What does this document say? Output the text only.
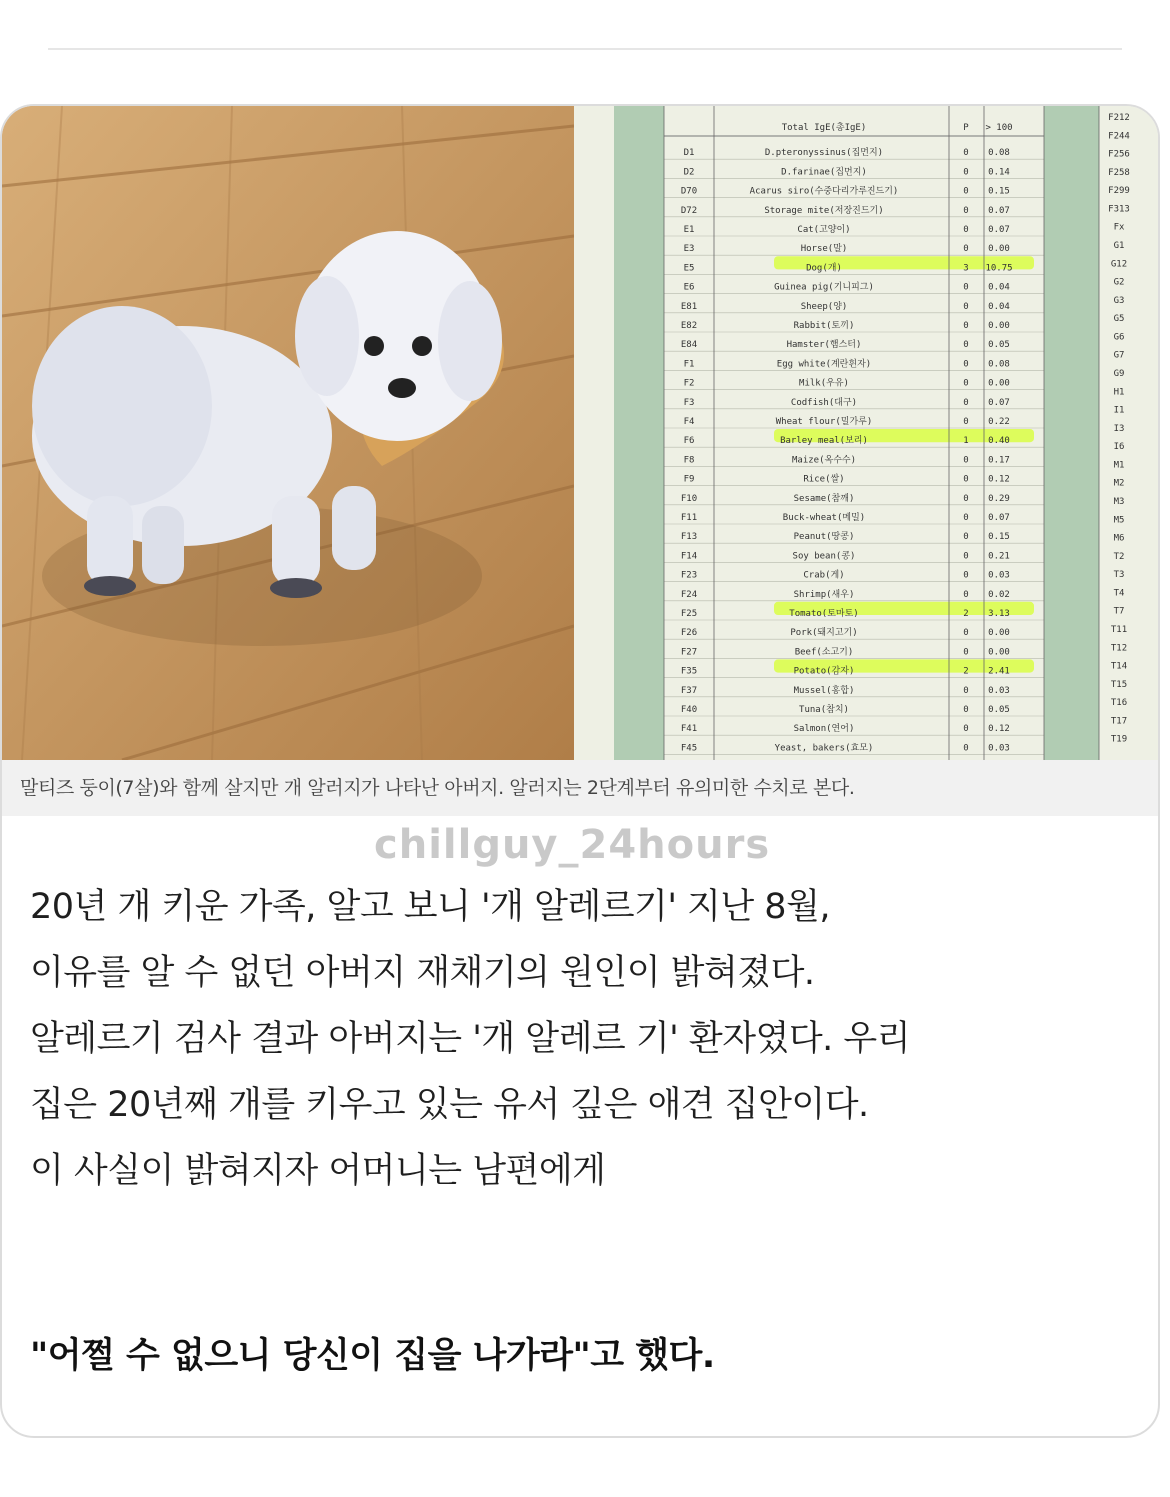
Total IgE(총IgE)	P > 100
D1	D.pteronyssinus(집먼지)	0 0.08
D2	D.farinae(집먼지)	0 0.14
D70	Acarus siro(수중다리가루진드기)	0 0.15
D72	Storage mite(저장진드기)	0 0.07
E1	Cat(고양이)	0 0.07
E3	Horse(말)	0 0.00
E5	Dog(개)	3 10.75
E6	Guinea pig(기니피그)	0 0.04
E81	Sheep(양)	0 0.04
E82	Rabbit(토끼)	0 0.00
E84	Hamster(햄스터)	0 0.05
F1	Egg white(계란흰자)	0 0.08
F2	Milk(우유)	0 0.00
F3	Codfish(대구)	0 0.07
F4	Wheat flour(밀가루)	0 0.22
F6	Barley meal(보리)	1 0.40
F8	Maize(옥수수)	0 0.17
F9	Rice(쌀)	0 0.12
F10	Sesame(참깨)	0 0.29
F11	Buck-wheat(메밀)	0 0.07
F13	Peanut(땅콩)	0 0.15
F14	Soy bean(콩)	0 0.21
F23	Crab(게)	0 0.03
F24	Shrimp(새우)	0 0.02
F25	Tomato(토마토)	2 3.13
F26	Pork(돼지고기)	0 0.00
F27	Beef(소고기)	0 0.00
F35	Potato(감자)	2 2.41
F37	Mussel(홍합)	0 0.03
F40	Tuna(참치)	0 0.05
F41	Salmon(연어)	0 0.12
F45	Yeast, bakers(효모)	0 0.03
F212
F244
F256
F258
F299
F313
Fx
G1
G12
G2
G3
G5
G6
G7
G9
H1
I1
I3
I6
M1
M2
M3
M5
M6
T2
T3
T4
T7
T11
T12
T14
T15
T16
T17
T19
말티즈 둥이(7살)와 함께 살지만 개 알러지가 나타난 아버지. 알러지는 2단계부터 유의미한 수치로 본다.
chillguy_24hours
20년 개 키운 가족, 알고 보니 '개 알레르기' 지난 8월,
이유를 알 수 없던 아버지 재채기의 원인이 밝혀졌다.
알레르기 검사 결과 아버지는 '개 알레르 기' 환자였다. 우리
집은 20년째 개를 키우고 있는 유서 깊은 애견 집안이다.
이 사실이 밝혀지자 어머니는 남편에게
"어쩔 수 없으니 당신이 집을 나가라"고 했다.
